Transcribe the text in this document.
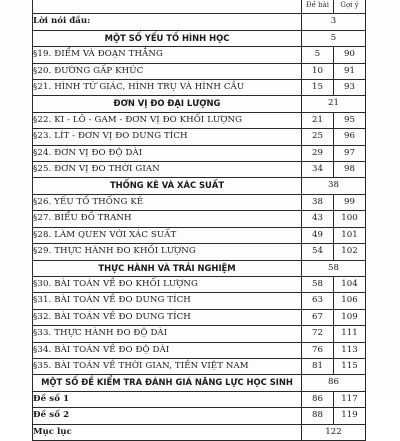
	Đề bài	Gợi ý
Lời nói đầu:	3	
MỘT SỐ YẾU TỐ HÌNH HỌC	5	
§19. ĐIỂM VÀ ĐOẠN THẲNG	5	90
§20. ĐƯỜNG GẤP KHÚC	10	91
§21. HÌNH TỨ GIÁC, HÌNH TRỤ VÀ HÌNH CẦU	15	93
ĐƠN VỊ ĐO ĐẠI LƯỢNG	21	
§22. KI - LÔ - GAM - ĐƠN VỊ ĐO KHỐI LƯỢNG	21	95
§23. LÍT - ĐƠN VỊ ĐO DUNG TÍCH	25	96
§24. ĐƠN VỊ ĐO ĐỘ DÀI	29	97
§25. ĐƠN VỊ ĐO THỜI GIAN	34	98
THỐNG KÊ VÀ XÁC SUẤT	38	
§26. YẾU TỐ THỐNG KÊ	38	99
§27. BIỂU ĐỒ TRANH	43	100
§28. LÀM QUEN VỚI XÁC SUẤT	49	101
§29. THỰC HÀNH ĐO KHỐI LƯỢNG	54	102
THỰC HÀNH VÀ TRẢI NGHIỆM	58	
§30. BÀI TOÁN VỀ ĐO KHỐI LƯỢNG	58	104
§31. BÀI TOÁN VỀ ĐO DUNG TÍCH	63	106
§32. BÀI TOÁN VỀ ĐO DUNG TÍCH	67	109
§33. THỰC HÀNH ĐO ĐỘ DÀI	72	111
§34. BÀI TOÁN VỀ ĐO ĐỘ DÀI	76	113
§35. BÀI TOÁN VỀ THỜI GIAN, TIỀN VIỆT NAM	81	115
MỘT SỐ ĐỀ KIỂM TRA ĐÁNH GIÁ NĂNG LỰC HỌC SINH	86	
Đề số 1	86	117
Đề số 2	88	119
Mục lục	122	
